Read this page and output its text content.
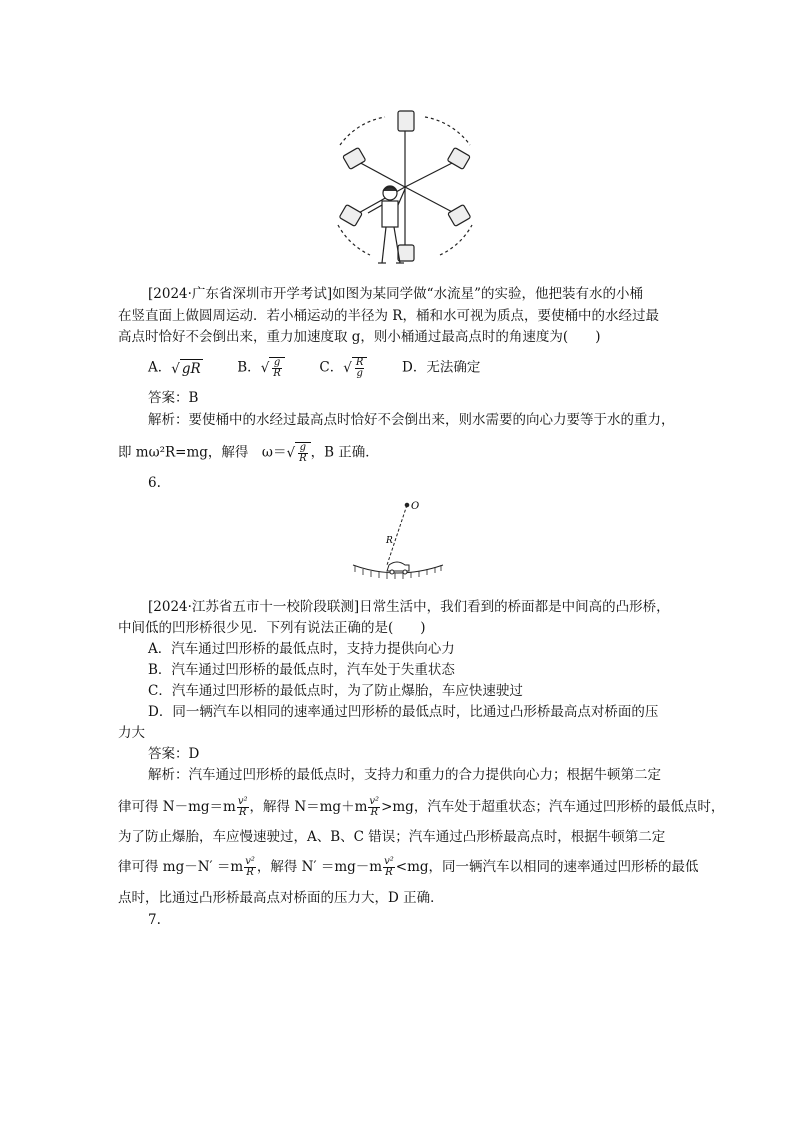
[2024·广东省深圳市开学考试]如图为某同学做“水流星”的实验，他把装有水的小桶
在竖直面上做圆周运动．若小桶运动的半径为 R，桶和水可视为质点，要使桶中的水经过最
高点时恰好不会倒出来，重力加速度取 g，则小桶通过最高点时的角速度为(　　)
A．√ gR	B．√ $\frac{g}{R}$	C．√ $\frac{R}{g}$	D．无法确定
答案：B
解析：要使桶中的水经过最高点时恰好不会倒出来，则水需要的向心力要等于水的重力，
即 mω²R=mg，解得　$\omega=√ \frac{g}{R}$ ，B 正确．
6.
O
R
[2024·江苏省五市十一校阶段联测]日常生活中，我们看到的桥面都是中间高的凸形桥，
中间低的凹形桥很少见．下列有说法正确的是(　　)
A．汽车通过凹形桥的最低点时，支持力提供向心力
B．汽车通过凹形桥的最低点时，汽车处于失重状态
C．汽车通过凹形桥的最低点时，为了防止爆胎，车应快速驶过
D．同一辆汽车以相同的速率通过凹形桥的最低点时，比通过凸形桥最高点对桥面的压
力大
答案：D
解析：汽车通过凹形桥的最低点时，支持力和重力的合力提供向心力；根据牛顿第二定
律可得 $N-mg=m \frac{\text{v²}}{R}$ ，解得 $N=mg+m \frac{\text{v²}}{R} >mg$，汽车处于超重状态；汽车通过凹形桥的最低点时，
为了防止爆胎，车应慢速驶过，A、B、C 错误；汽车通过凸形桥最高点时，根据牛顿第二定
律可得 $mg-N' =m \frac{\text{v²}}{R}$ ，解得 $N' =mg-m \frac{\text{v²}}{R} <mg$，同一辆汽车以相同的速率通过凹形桥的最低
点时，比通过凸形桥最高点对桥面的压力大，D 正确．
7.
